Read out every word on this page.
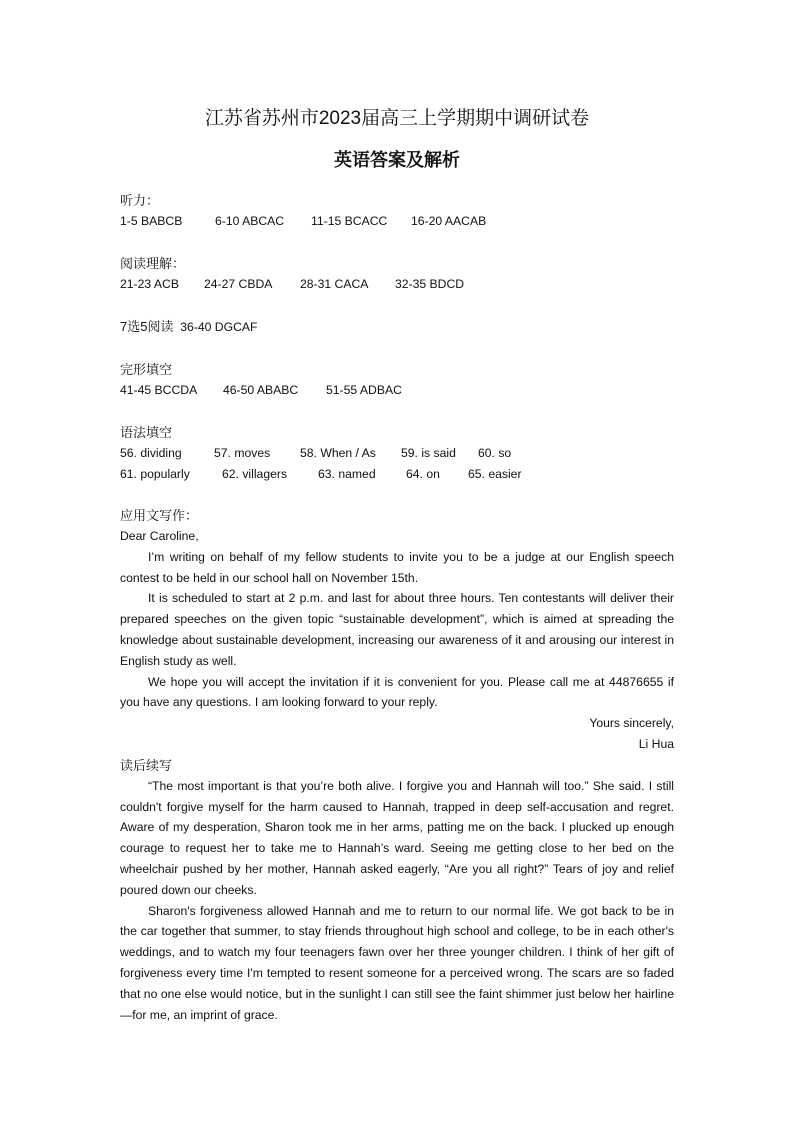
江苏省苏州市2023届高三上学期期中调研试卷
英语答案及解析

听力：

1-5 BABCB	6-10 ABCAC 11-15 BCACC 16-20 AACAB

阅读理解：

21-23 ACB 24-27 CBDA 28-31 CACA 32-35 BDCD

7选5阅读 36-40 DGCAF

完形填空

41-45 BCCDA 46-50 ABABC 51-55 ADBAC

语法填空

56. dividing	57. moves 58. When / As 59. is said 60. so

61. popularly	62. villagers	63. named 64. on 65. easier

应用文写作：

Dear Caroline,

I’m writing on behalf of my fellow students to invite you to be a judge at our English speech contest to be held in our school hall on November 15th.

It is scheduled to start at 2 p.m. and last for about three hours. Ten contestants will deliver their prepared speeches on the given topic “sustainable development”, which is aimed at spreading the knowledge about sustainable development, increasing our awareness of it and arousing our interest in English study as well.

We hope you will accept the invitation if it is convenient for you. Please call me at 44876655 if you have any questions. I am looking forward to your reply.

Yours sincerely,

Li Hua

读后续写

“The most important is that you’re both alive. I forgive you and Hannah will too.” She said. I still couldn't forgive myself for the harm caused to Hannah, trapped in deep self-accusation and regret. Aware of my desperation, Sharon took me in her arms, patting me on the back. I plucked up enough courage to request her to take me to Hannah’s ward. Seeing me getting close to her bed on the wheelchair pushed by her mother, Hannah asked eagerly, “Are you all right?” Tears of joy and relief poured down our cheeks.

Sharon's forgiveness allowed Hannah and me to return to our normal life. We got back to be in the car together that summer, to stay friends throughout high school and college, to be in each other's weddings, and to watch my four teenagers fawn over her three younger children. I think of her gift of forgiveness every time I'm tempted to resent someone for a perceived wrong. The scars are so faded that no one else would notice, but in the sunlight I can still see the faint shimmer just below her hairline—for me, an imprint of grace.
